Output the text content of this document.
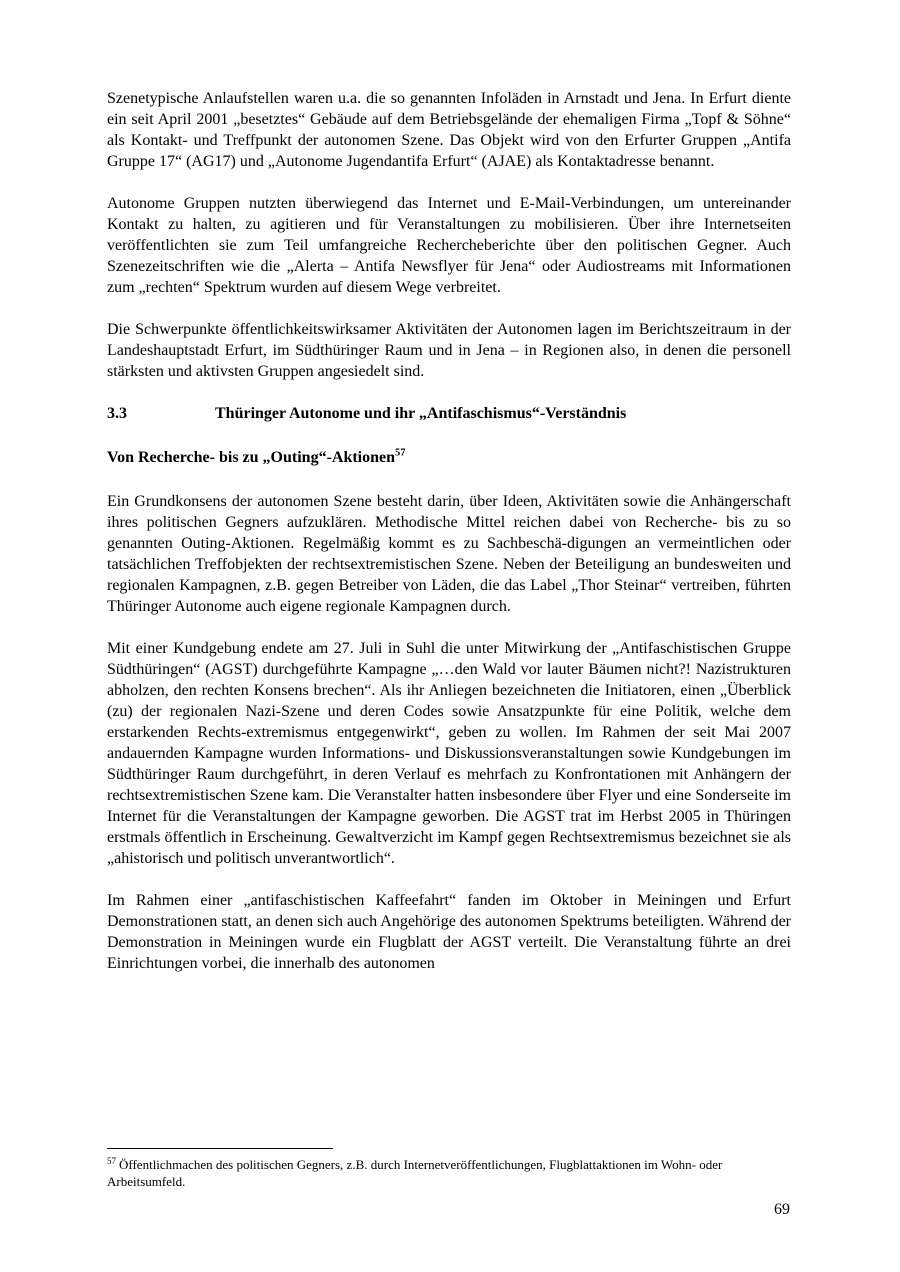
Szenetypische Anlaufstellen waren u.a. die so genannten Infoläden in Arnstadt und Jena. In Erfurt diente ein seit April 2001 „besetztes“ Gebäude auf dem Betriebsgelände der ehemaligen Firma „Topf & Söhne“ als Kontakt- und Treffpunkt der autonomen Szene. Das Objekt wird von den Erfurter Gruppen „Antifa Gruppe 17“ (AG17) und „Autonome Jugendantifa Erfurt“ (AJAE) als Kontaktadresse benannt.

Autonome Gruppen nutzten überwiegend das Internet und E-Mail-Verbindungen, um untereinander Kontakt zu halten, zu agitieren und für Veranstaltungen zu mobilisieren. Über ihre Internetseiten veröffentlichten sie zum Teil umfangreiche Rechercheberichte über den politischen Gegner. Auch Szenezeitschriften wie die „Alerta – Antifa Newsflyer für Jena“ oder Audiostreams mit Informationen zum „rechten“ Spektrum wurden auf diesem Wege verbreitet.

Die Schwerpunkte öffentlichkeitswirksamer Aktivitäten der Autonomen lagen im Berichtszeitraum in der Landeshauptstadt Erfurt, im Südthüringer Raum und in Jena – in Regionen also, in denen die personell stärksten und aktivsten Gruppen angesiedelt sind.

3.3	Thüringer Autonome und ihr „Antifaschismus“-Verständnis
Von Recherche- bis zu „Outing“-Aktionen$^{57}$

Ein Grundkonsens der autonomen Szene besteht darin, über Ideen, Aktivitäten sowie die Anhängerschaft ihres politischen Gegners aufzuklären. Methodische Mittel reichen dabei von Recherche- bis zu so genannten Outing-Aktionen. Regelmäßig kommt es zu Sachbeschä-digungen an vermeintlichen oder tatsächlichen Treffobjekten der rechtsextremistischen Szene. Neben der Beteiligung an bundesweiten und regionalen Kampagnen, z.B. gegen Betreiber von Läden, die das Label „Thor Steinar“ vertreiben, führten Thüringer Autonome auch eigene regionale Kampagnen durch.

Mit einer Kundgebung endete am 27. Juli in Suhl die unter Mitwirkung der „Antifaschistischen Gruppe Südthüringen“ (AGST) durchgeführte Kampagne „…den Wald vor lauter Bäumen nicht?! Nazistrukturen abholzen, den rechten Konsens brechen“. Als ihr Anliegen bezeichneten die Initiatoren, einen „Überblick (zu) der regionalen Nazi-Szene und deren Codes sowie Ansatzpunkte für eine Politik, welche dem erstarkenden Rechts-extremismus entgegenwirkt“, geben zu wollen. Im Rahmen der seit Mai 2007 andauernden Kampagne wurden Informations- und Diskussionsveranstaltungen sowie Kundgebungen im Südthüringer Raum durchgeführt, in deren Verlauf es mehrfach zu Konfrontationen mit Anhängern der rechtsextremistischen Szene kam. Die Veranstalter hatten insbesondere über Flyer und eine Sonderseite im Internet für die Veranstaltungen der Kampagne geworben. Die AGST trat im Herbst 2005 in Thüringen erstmals öffentlich in Erscheinung. Gewaltverzicht im Kampf gegen Rechtsextremismus bezeichnet sie als „ahistorisch und politisch unverantwortlich“.

Im Rahmen einer „antifaschistischen Kaffeefahrt“ fanden im Oktober in Meiningen und Erfurt Demonstrationen statt, an denen sich auch Angehörige des autonomen Spektrums beteiligten. Während der Demonstration in Meiningen wurde ein Flugblatt der AGST verteilt. Die Veranstaltung führte an drei Einrichtungen vorbei, die innerhalb des autonomen

$^{57}$ Öffentlichmachen des politischen Gegners, z.B. durch Internetveröffentlichungen, Flugblattaktionen im Wohn- oder Arbeitsumfeld.
69
